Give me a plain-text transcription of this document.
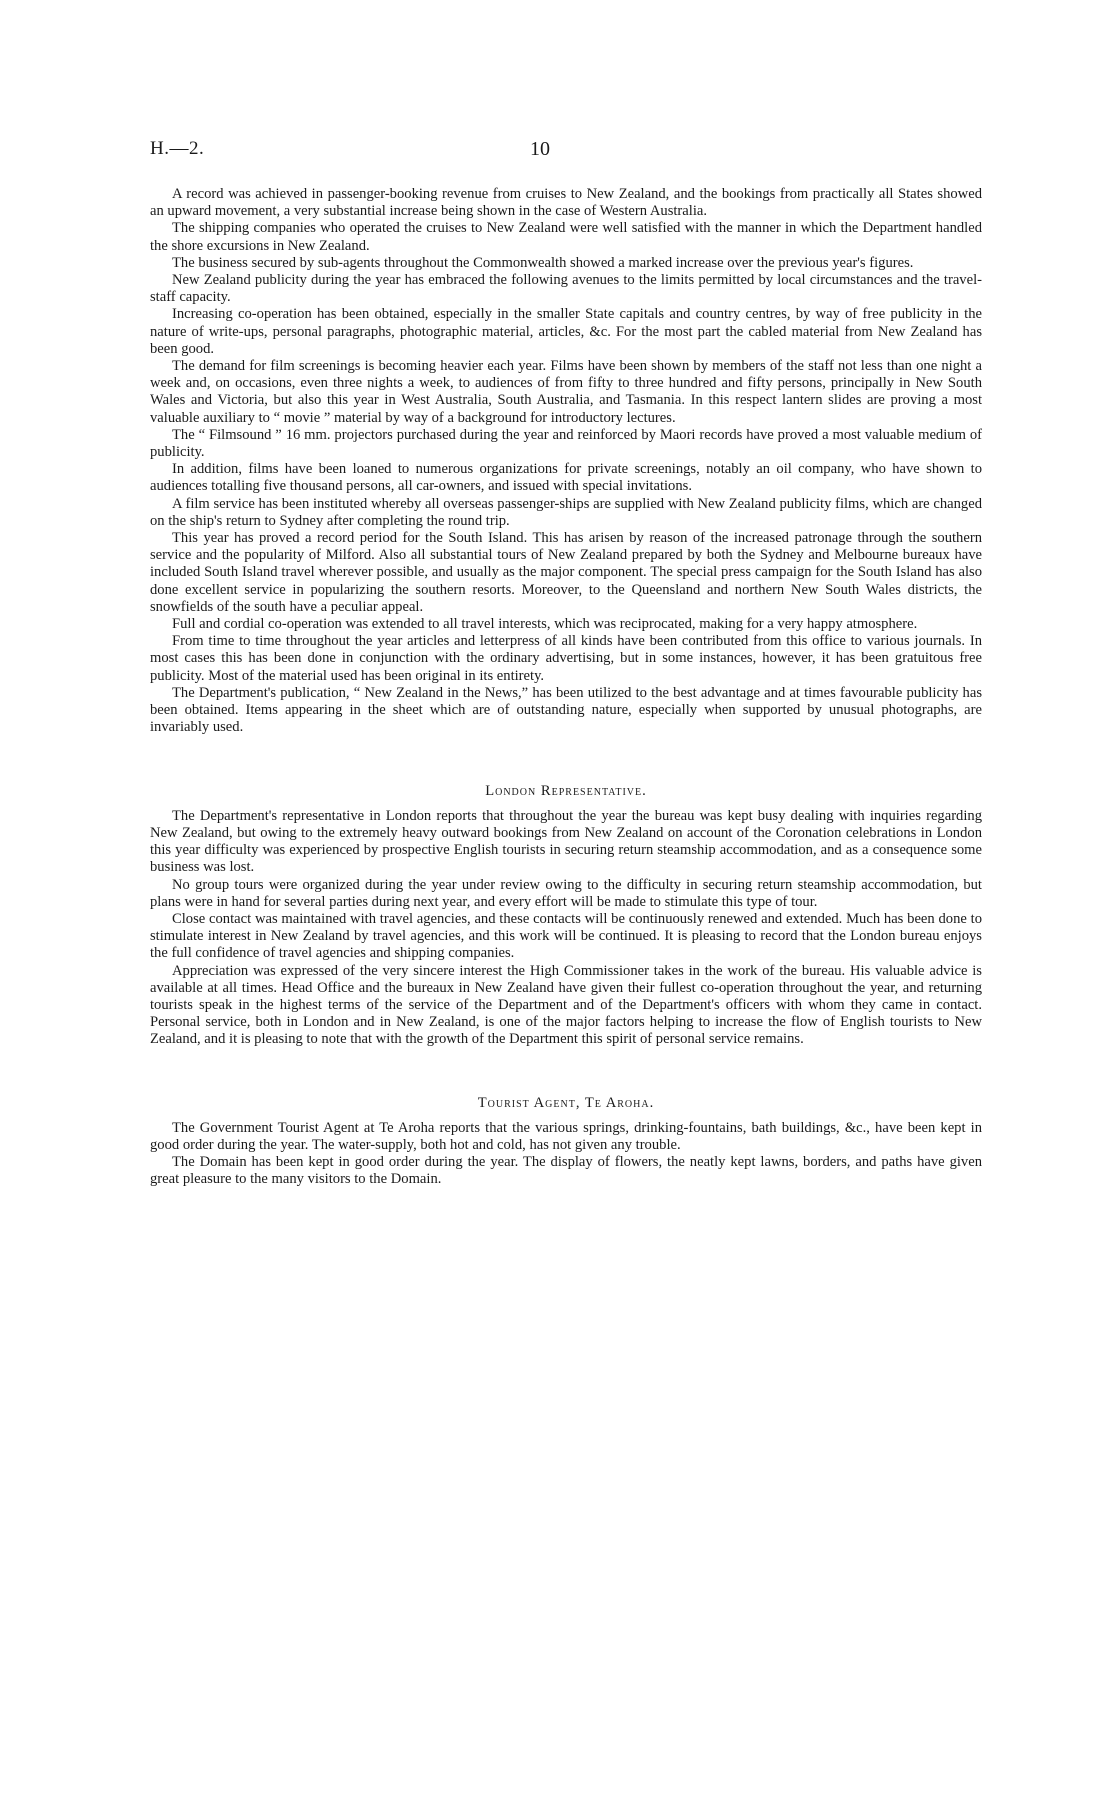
H.—2.	10

A record was achieved in passenger-booking revenue from cruises to New Zealand, and the bookings from practically all States showed an upward movement, a very substantial increase being shown in the case of Western Australia.

The shipping companies who operated the cruises to New Zealand were well satisfied with the manner in which the Department handled the shore excursions in New Zealand.

The business secured by sub-agents throughout the Commonwealth showed a marked increase over the previous year's figures.

New Zealand publicity during the year has embraced the following avenues to the limits permitted by local circumstances and the travel-staff capacity.

Increasing co-operation has been obtained, especially in the smaller State capitals and country centres, by way of free publicity in the nature of write-ups, personal paragraphs, photographic material, articles, &c. For the most part the cabled material from New Zealand has been good.

The demand for film screenings is becoming heavier each year. Films have been shown by members of the staff not less than one night a week and, on occasions, even three nights a week, to audiences of from fifty to three hundred and fifty persons, principally in New South Wales and Victoria, but also this year in West Australia, South Australia, and Tasmania. In this respect lantern slides are proving a most valuable auxiliary to “ movie ” material by way of a background for introductory lectures.

The “ Filmsound ” 16 mm. projectors purchased during the year and reinforced by Maori records have proved a most valuable medium of publicity.

In addition, films have been loaned to numerous organizations for private screenings, notably an oil company, who have shown to audiences totalling five thousand persons, all car-owners, and issued with special invitations.

A film service has been instituted whereby all overseas passenger-ships are supplied with New Zealand publicity films, which are changed on the ship's return to Sydney after completing the round trip.

This year has proved a record period for the South Island. This has arisen by reason of the increased patronage through the southern service and the popularity of Milford. Also all substantial tours of New Zealand prepared by both the Sydney and Melbourne bureaux have included South Island travel wherever possible, and usually as the major component. The special press campaign for the South Island has also done excellent service in popularizing the southern resorts. Moreover, to the Queensland and northern New South Wales districts, the snowfields of the south have a peculiar appeal.

Full and cordial co-operation was extended to all travel interests, which was reciprocated, making for a very happy atmosphere.

From time to time throughout the year articles and letterpress of all kinds have been contributed from this office to various journals. In most cases this has been done in conjunction with the ordinary advertising, but in some instances, however, it has been gratuitous free publicity. Most of the material used has been original in its entirety.

The Department's publication, “ New Zealand in the News,” has been utilized to the best advantage and at times favourable publicity has been obtained. Items appearing in the sheet which are of outstanding nature, especially when supported by unusual photographs, are invariably used.

London Representative.

The Department's representative in London reports that throughout the year the bureau was kept busy dealing with inquiries regarding New Zealand, but owing to the extremely heavy outward bookings from New Zealand on account of the Coronation celebrations in London this year difficulty was experienced by prospective English tourists in securing return steamship accommodation, and as a consequence some business was lost.

No group tours were organized during the year under review owing to the difficulty in securing return steamship accommodation, but plans were in hand for several parties during next year, and every effort will be made to stimulate this type of tour.

Close contact was maintained with travel agencies, and these contacts will be continuously renewed and extended. Much has been done to stimulate interest in New Zealand by travel agencies, and this work will be continued. It is pleasing to record that the London bureau enjoys the full confidence of travel agencies and shipping companies.

Appreciation was expressed of the very sincere interest the High Commissioner takes in the work of the bureau. His valuable advice is available at all times. Head Office and the bureaux in New Zealand have given their fullest co-operation throughout the year, and returning tourists speak in the highest terms of the service of the Department and of the Department's officers with whom they came in contact. Personal service, both in London and in New Zealand, is one of the major factors helping to increase the flow of English tourists to New Zealand, and it is pleasing to note that with the growth of the Department this spirit of personal service remains.

Tourist Agent, Te Aroha.

The Government Tourist Agent at Te Aroha reports that the various springs, drinking-fountains, bath buildings, &c., have been kept in good order during the year. The water-supply, both hot and cold, has not given any trouble.

The Domain has been kept in good order during the year. The display of flowers, the neatly kept lawns, borders, and paths have given great pleasure to the many visitors to the Domain.
